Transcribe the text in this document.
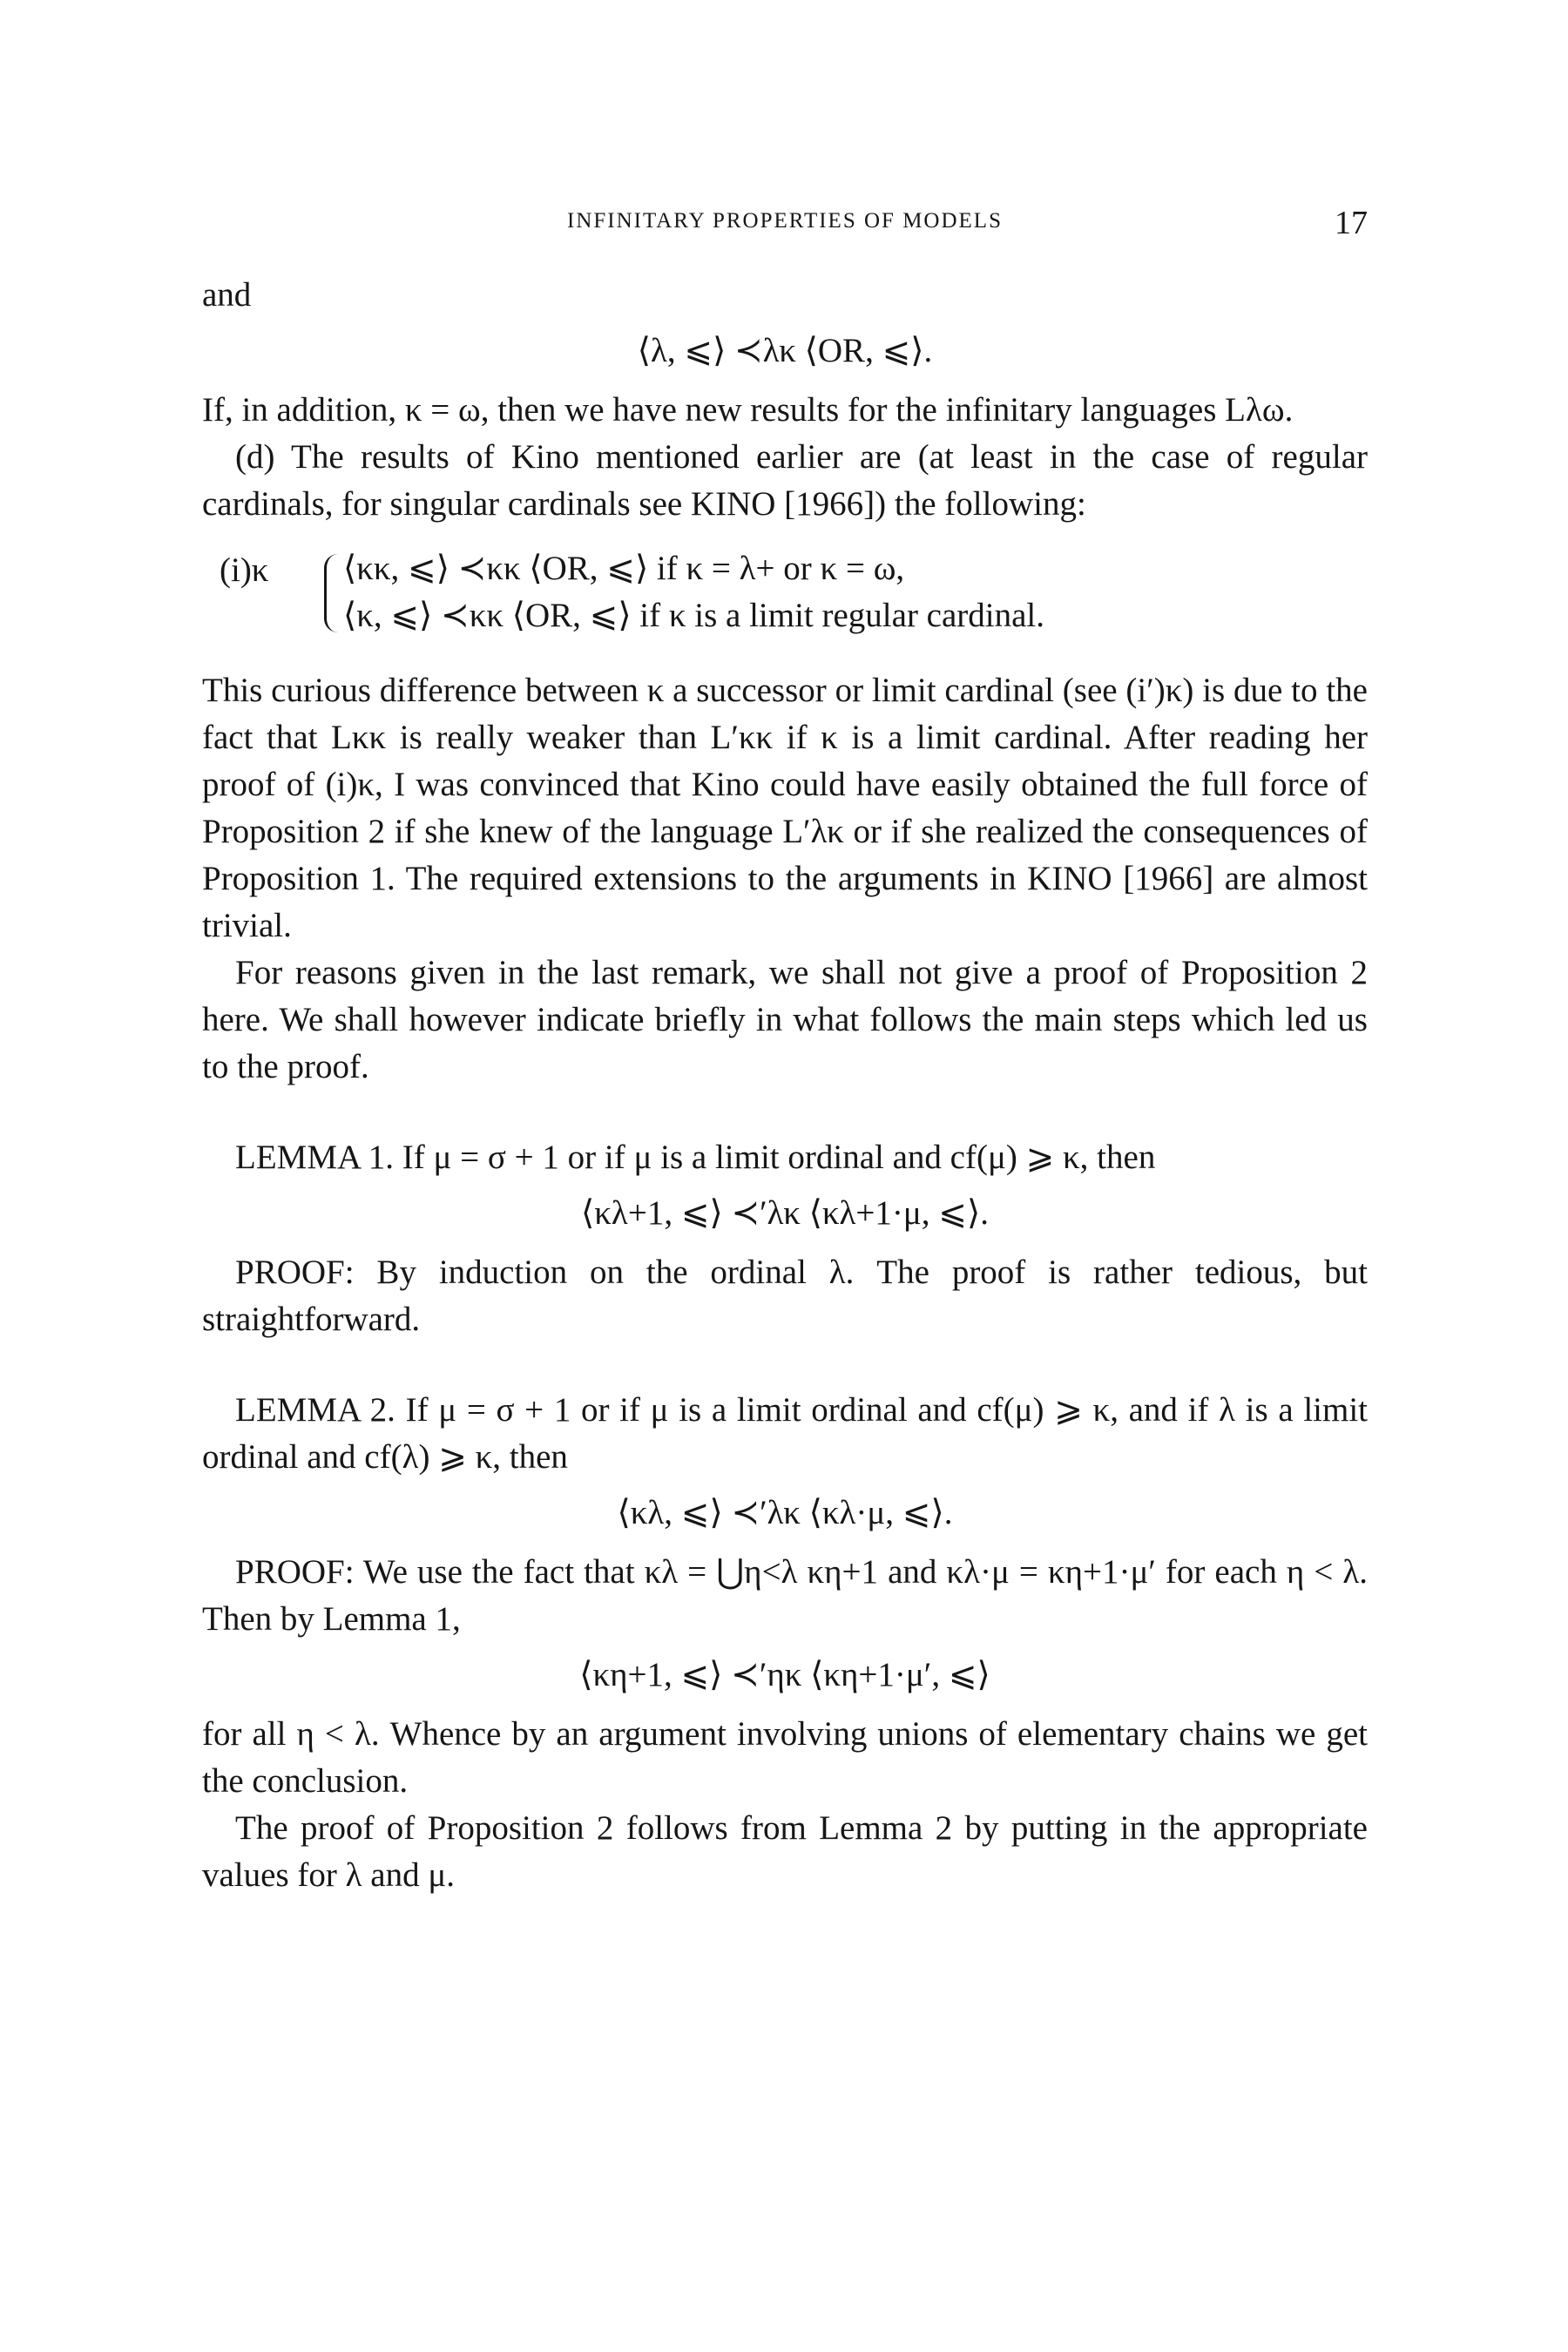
INFINITARY PROPERTIES OF MODELS	17

and

⟨λ, ⩽⟩ ≺λκ ⟨OR, ⩽⟩.

If, in addition, κ = ω, then we have new results for the infinitary languages Lλω.

(d) The results of Kino mentioned earlier are (at least in the case of regular cardinals, for singular cardinals see KINO [1966]) the following:

(i)κ ⟨κκ, ⩽⟩ ≺κκ ⟨OR, ⩽⟩ if κ = λ+ or κ = ω,
⟨κ, ⩽⟩ ≺κκ ⟨OR, ⩽⟩ if κ is a limit regular cardinal.

This curious difference between κ a successor or limit cardinal (see (i′)κ) is due to the fact that Lκκ is really weaker than L′κκ if κ is a limit cardinal. After reading her proof of (i)κ, I was convinced that Kino could have easily obtained the full force of Proposition 2 if she knew of the language L′λκ or if she realized the consequences of Proposition 1. The required extensions to the arguments in KINO [1966] are almost trivial.

For reasons given in the last remark, we shall not give a proof of Proposition 2 here. We shall however indicate briefly in what follows the main steps which led us to the proof.

LEMMA 1. If μ = σ + 1 or if μ is a limit ordinal and cf(μ) ⩾ κ, then

⟨κλ+1, ⩽⟩ ≺′λκ ⟨κλ+1·μ, ⩽⟩.

PROOF: By induction on the ordinal λ. The proof is rather tedious, but straightforward.

LEMMA 2. If μ = σ + 1 or if μ is a limit ordinal and cf(μ) ⩾ κ, and if λ is a limit ordinal and cf(λ) ⩾ κ, then

⟨κλ, ⩽⟩ ≺′λκ ⟨κλ·μ, ⩽⟩.

PROOF: We use the fact that κλ = ⋃η<λ κη+1 and κλ·μ = κη+1·μ′ for each η < λ. Then by Lemma 1,

⟨κη+1, ⩽⟩ ≺′ηκ ⟨κη+1·μ′, ⩽⟩

for all η < λ. Whence by an argument involving unions of elementary chains we get the conclusion.

The proof of Proposition 2 follows from Lemma 2 by putting in the appropriate values for λ and μ.
